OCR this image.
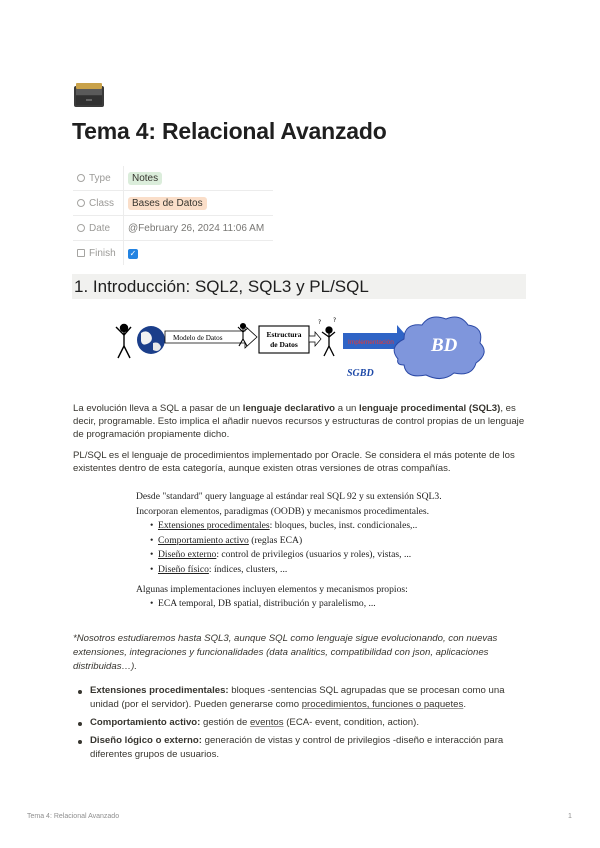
Tema 4: Relacional Avanzado
Type	Notes
Class	Bases de Datos
Date	@February 26, 2024 11:06 AM
Finish	✓
1. Introducción: SQL2, SQL3 y PL/SQL
Modelo de Datos	Estructura
de Datos
? ?
Implementación BD
SGBD

La evolución lleva a SQL a pasar de un lenguaje declarativo a un lenguaje procedimental (SQL3), es decir, programable. Esto implica el añadir nuevos recursos y estructuras de control propias de un lenguaje de programación propiamente dicho.

PL/SQL es el lenguaje de procedimientos implementado por Oracle. Se considera el más potente de los existentes dentro de esta categoría, aunque existen otras versiones de otras compañías.

Desde "standard" query language al estándar real SQL 92 y su extensión SQL3.
Incorporan elementos, paradigmas (OODB) y mecanismos procedimentales.
• Extensiones procedimentales: bloques, bucles, inst. condicionales,..
• Comportamiento activo (reglas ECA)
• Diseño externo: control de privilegios (usuarios y roles), vistas, ...
• Diseño físico: índices, clusters, ...
Algunas implementaciones incluyen elementos y mecanismos propios:
• ECA temporal, DB spatial, distribución y paralelismo, ...

*Nosotros estudiaremos hasta SQL3, aunque SQL como lenguaje sigue evolucionando, con nuevas extensiones, integraciones y funcionalidades (data analitics, compatibilidad con json, aplicaciones distribuidas…).

Extensiones procedimentales: bloques -sentencias SQL agrupadas que se procesan como una unidad (por el servidor). Pueden generarse como procedimientos, funciones o paquetes.
Comportamiento activo: gestión de eventos (ECA- event, condition, action).
Diseño lógico o externo: generación de vistas y control de privilegios -diseño e interacción para diferentes grupos de usuarios.
Tema 4: Relacional Avanzado	1
